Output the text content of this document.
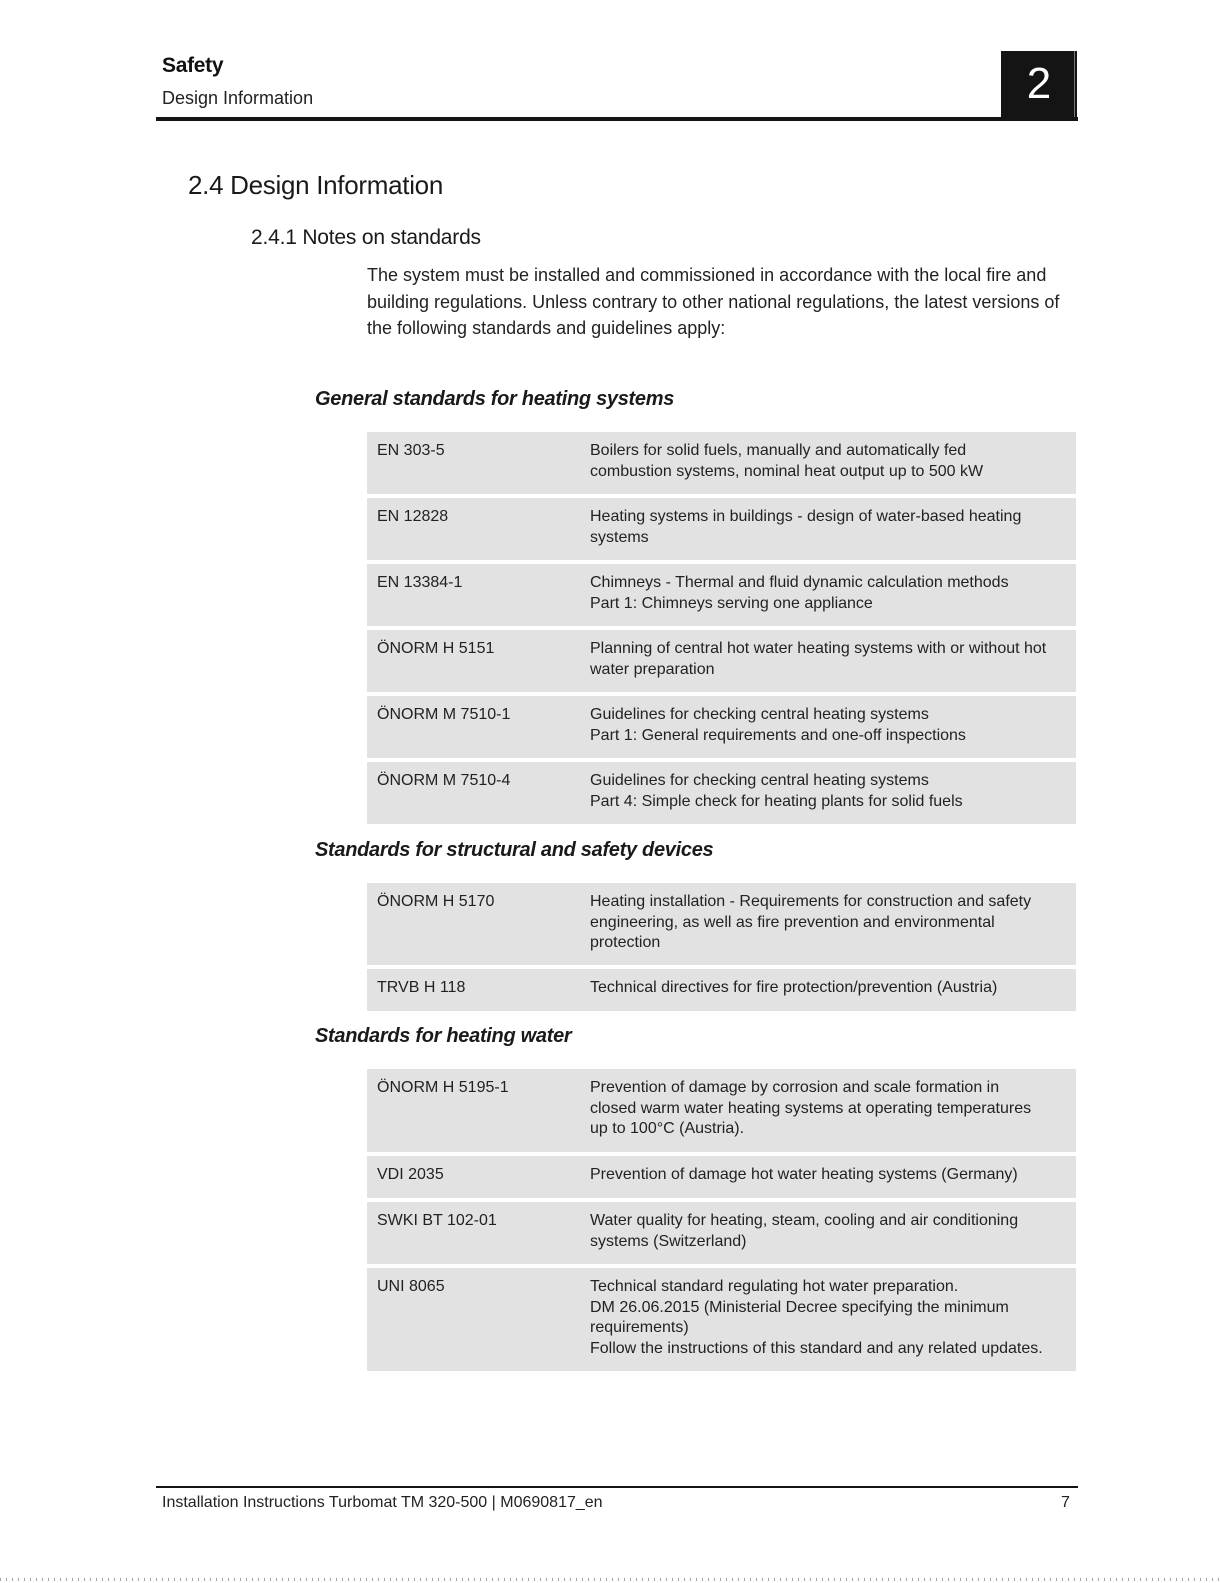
Safety
Design Information	2
2.4 Design Information
2.4.1 Notes on standards

The system must be installed and commissioned in accordance with the local fire and building regulations. Unless contrary to other national regulations, the latest versions of the following standards and guidelines apply:

General standards for heating systems
EN 303-5	Boilers for solid fuels, manually and automatically fed
combustion systems, nominal heat output up to 500 kW
EN 12828	Heating systems in buildings - design of water-based heating
systems
EN 13384-1	Chimneys - Thermal and fluid dynamic calculation methods
Part 1: Chimneys serving one appliance
ÖNORM H 5151	Planning of central hot water heating systems with or without hot
water preparation
ÖNORM M 7510-1	Guidelines for checking central heating systems
Part 1: General requirements and one-off inspections
ÖNORM M 7510-4	Guidelines for checking central heating systems
Part 4: Simple check for heating plants for solid fuels
Standards for structural and safety devices
ÖNORM H 5170	Heating installation - Requirements for construction and safety
engineering, as well as fire prevention and environmental
protection
TRVB H 118	Technical directives for fire protection/prevention (Austria)
Standards for heating water
ÖNORM H 5195-1	Prevention of damage by corrosion and scale formation in
closed warm water heating systems at operating temperatures
up to 100°C (Austria).
VDI 2035	Prevention of damage hot water heating systems (Germany)
SWKI BT 102-01	Water quality for heating, steam, cooling and air conditioning
systems (Switzerland)
UNI 8065	Technical standard regulating hot water preparation.
DM 26.06.2015 (Ministerial Decree specifying the minimum
requirements)
Follow the instructions of this standard and any related updates.
Installation Instructions Turbomat TM 320-500 | M0690817_en	7
